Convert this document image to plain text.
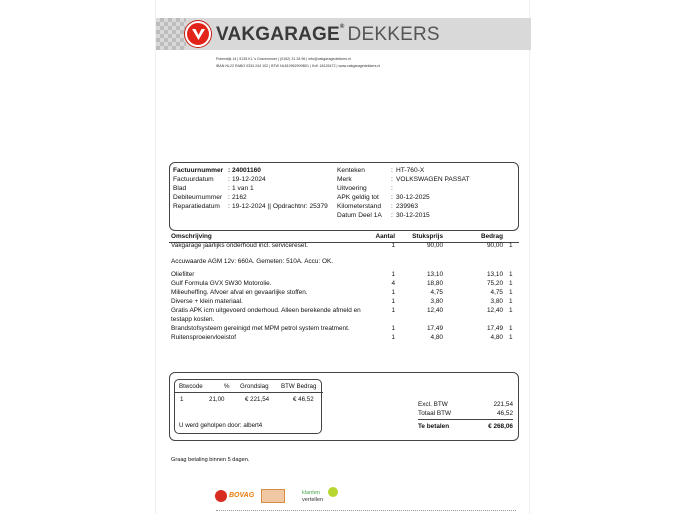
VAKGARAGE® DEKKERS
Polenstijk 14 | 5135 KL 's Gravenmoer | (0162) 31 28 96 | info@vakgaragedekkers.nl
IBAN NL22 RABO 0334 244 102 | BTW NL810962909B01 | KvK 18126472 | www.vakgaragedekkers.nl
Factuurnummer : 24001160
Factuurdatum : 19-12-2024
Blad	: 1 van 1
Debiteurnummer : 2162
Reparatiedatum : 19-12-2024 || Opdrachtnr: 25379
Kenteken	: HT-760-X
Merk	: VOLKSWAGEN PASSAT
Uitvoering	:
APK geldig tot : 30-12-2025
Kilometerstand : 239963
Datum Deel 1A : 30-12-2015
Omschrijving	Aantal	Stuksprijs	Bedrag
Vakgarage jaarlijks onderhoud incl. servicereset.	1	90,00	90,00 1
Accuwaarde AGM 12v: 660A. Gemeten: 510A. Accu: OK.
Oliefilter	1	13,10	13,10 1
Gulf Formula GVX 5W30 Motorolie.	4	18,80	75,20 1
Milieuheffing. Afvoer afval en gevaarlijke stoffen.	1	4,75	4,75 1
Diverse + klein materiaal.	1	3,80	3,80 1
Gratis APK icm uitgevoerd onderhoud. Alleen berekende afmeld en	1	12,40	12,40 1
testapp kosten.
Brandstofsysteem gereinigd met MPM petrol system treatment.	1	17,49	17,49 1
Ruitensproeiervloeistof	1	4,80	4,80 1
Btwcode	% Grondslag BTW Bedrag
1	21,00	€ 221,54	€ 46,52
U werd geholpen door: albert4
Excl. BTW	221,54
Totaal BTW	46,52
Te betalen	€ 268,06
Graag betaling binnen 5 dagen.
BOVAG	klanten
vertellen
